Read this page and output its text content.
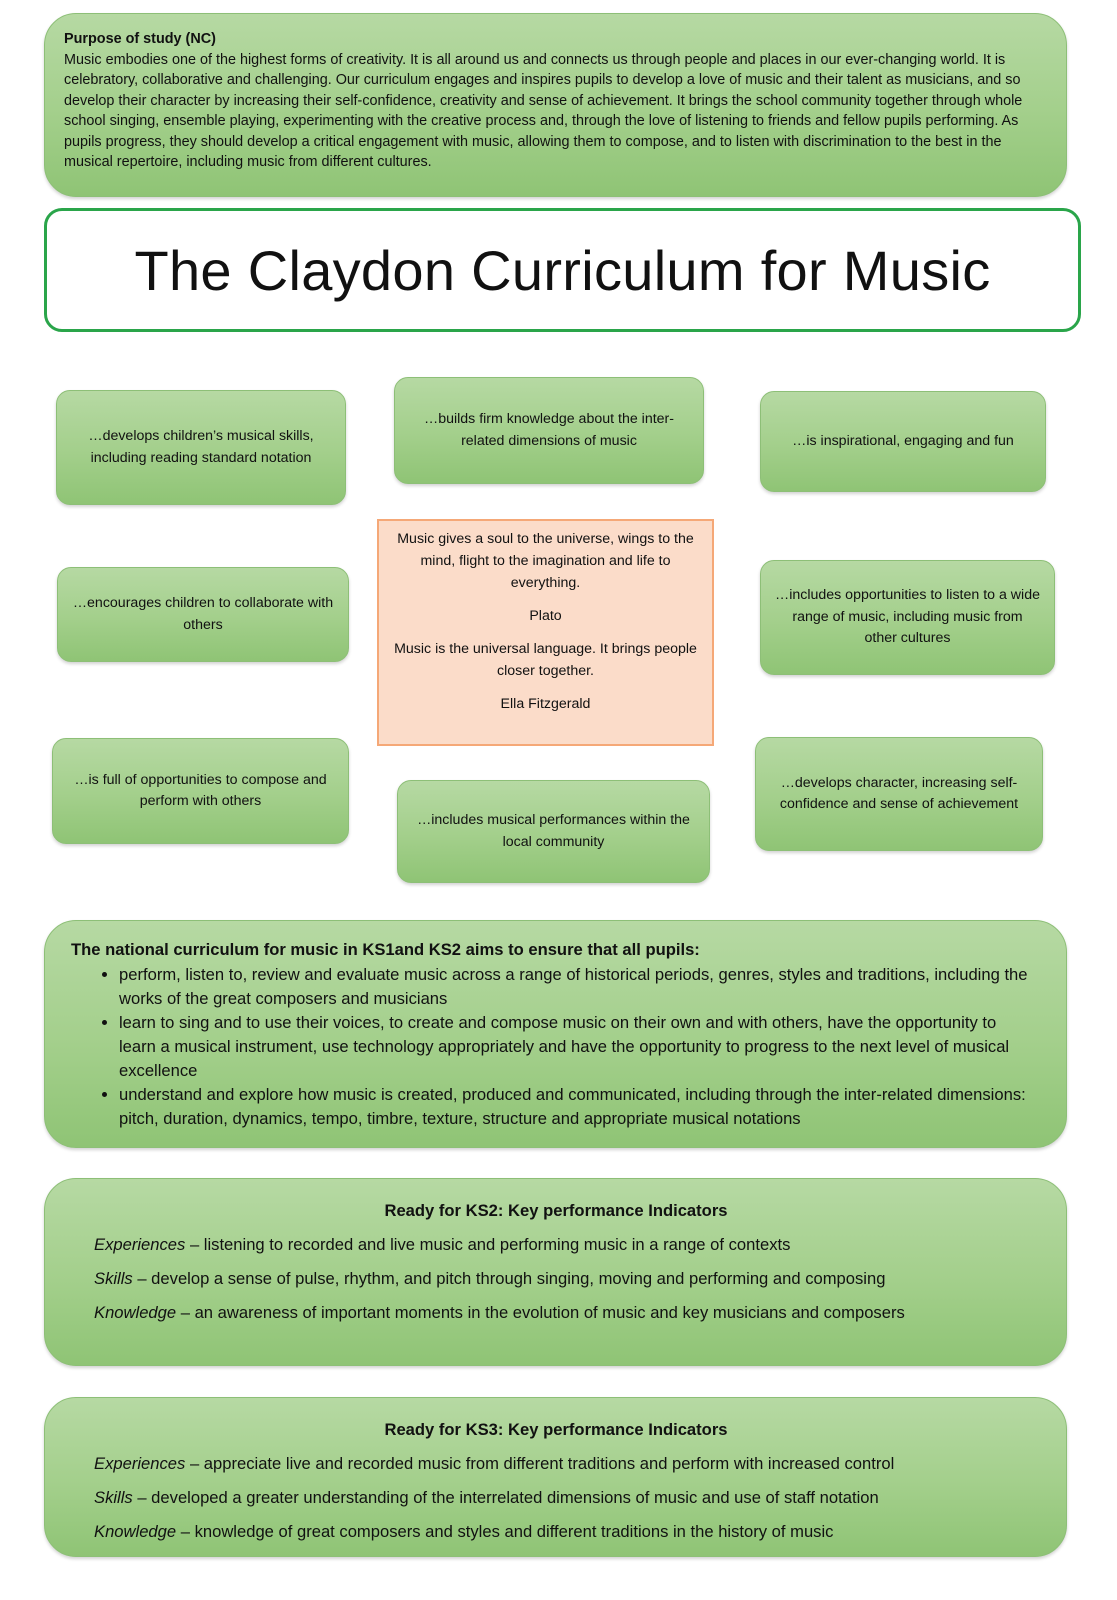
Purpose of study (NC)
Music embodies one of the highest forms of creativity. It is all around us and connects us through people and places in our ever-changing world. It is celebratory, collaborative and challenging. Our curriculum engages and inspires pupils to develop a love of music and their talent as musicians, and so develop their character by increasing their self-confidence, creativity and sense of achievement. It brings the school community together through whole school singing, ensemble playing, experimenting with the creative process and, through the love of listening to friends and fellow pupils performing. As pupils progress, they should develop a critical engagement with music, allowing them to compose, and to listen with discrimination to the best in the musical repertoire, including music from different cultures.
The Claydon Curriculum for Music
…develops children’s musical skills, including reading standard notation
…builds firm knowledge about the inter-related dimensions of music	…is inspirational, engaging and fun
…encourages children to collaborate with others
…includes opportunities to listen to a wide range of music, including music from other cultures
…is full of opportunities to compose and perform with others
…includes musical performances within the local community
…develops character, increasing self-confidence and sense of achievement

Music gives a soul to the universe, wings to the mind, flight to the imagination and life to everything.

Plato

Music is the universal language. It brings people closer together.

Ella Fitzgerald

The national curriculum for music in KS1and KS2 aims to ensure that all pupils:
• perform, listen to, review and evaluate music across a range of historical periods, genres, styles and traditions, including the works of the great composers and musicians
• learn to sing and to use their voices, to create and compose music on their own and with others, have the opportunity to learn a musical instrument, use technology appropriately and have the opportunity to progress to the next level of musical excellence
• understand and explore how music is created, produced and communicated, including through the inter-related dimensions: pitch, duration, dynamics, tempo, timbre, texture, structure and appropriate musical notations
Ready for KS2: Key performance Indicators
Experiences – listening to recorded and live music and performing music in a range of contexts
Skills – develop a sense of pulse, rhythm, and pitch through singing, moving and performing and composing
Knowledge – an awareness of important moments in the evolution of music and key musicians and composers
Ready for KS3: Key performance Indicators
Experiences – appreciate live and recorded music from different traditions and perform with increased control
Skills – developed a greater understanding of the interrelated dimensions of music and use of staff notation
Knowledge – knowledge of great composers and styles and different traditions in the history of music
